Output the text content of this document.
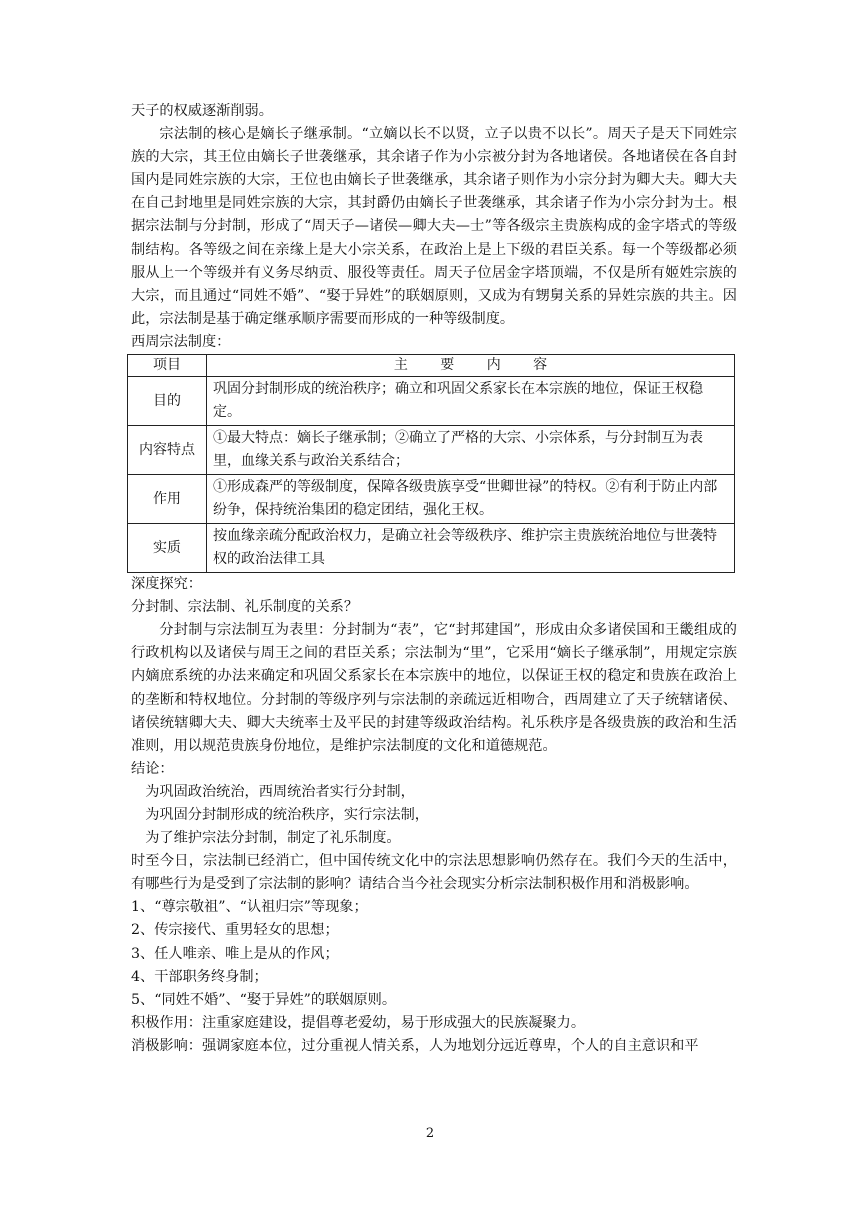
天子的权威逐渐削弱。

宗法制的核心是嫡长子继承制。“立嫡以长不以贤，立子以贵不以长”。周天子是天下同姓宗族的大宗，其王位由嫡长子世袭继承，其余诸子作为小宗被分封为各地诸侯。各地诸侯在各自封国内是同姓宗族的大宗，王位也由嫡长子世袭继承，其余诸子则作为小宗分封为卿大夫。卿大夫在自己封地里是同姓宗族的大宗，其封爵仍由嫡长子世袭继承，其余诸子作为小宗分封为士。根据宗法制与分封制，形成了“周天子—诸侯—卿大夫—士”等各级宗主贵族构成的金字塔式的等级制结构。各等级之间在亲缘上是大小宗关系，在政治上是上下级的君臣关系。每一个等级都必须服从上一个等级并有义务尽纳贡、服役等责任。周天子位居金字塔顶端，不仅是所有姬姓宗族的大宗，而且通过“同姓不婚”、“娶于异姓”的联姻原则，又成为有甥舅关系的异姓宗族的共主。因此，宗法制是基于确定继承顺序需要而形成的一种等级制度。

西周宗法制度：

项目	主 要 内 容
目的	巩固分封制形成的统治秩序；确立和巩固父系家长在本宗族的地位，保证王权稳定。
内容特点	①最大特点：嫡长子继承制；②确立了严格的大宗、小宗体系，与分封制互为表里，血缘关系与政治关系结合；
作用	①形成森严的等级制度，保障各级贵族享受“世卿世禄”的特权。②有利于防止内部纷争，保持统治集团的稳定团结，强化王权。
实质	按血缘亲疏分配政治权力，是确立社会等级秩序、维护宗主贵族统治地位与世袭特权的政治法律工具

深度探究：

分封制、宗法制、礼乐制度的关系？

分封制与宗法制互为表里：分封制为“表”，它“封邦建国”，形成由众多诸侯国和王畿组成的行政机构以及诸侯与周王之间的君臣关系；宗法制为“里”，它采用“嫡长子继承制”，用规定宗族内嫡庶系统的办法来确定和巩固父系家长在本宗族中的地位，以保证王权的稳定和贵族在政治上的垄断和特权地位。分封制的等级序列与宗法制的亲疏远近相吻合，西周建立了天子统辖诸侯、诸侯统辖卿大夫、卿大夫统率士及平民的封建等级政治结构。礼乐秩序是各级贵族的政治和生活准则，用以规范贵族身份地位，是维护宗法制度的文化和道德规范。

结论：

为巩固政治统治，西周统治者实行分封制，

为巩固分封制形成的统治秩序，实行宗法制，

为了维护宗法分封制，制定了礼乐制度。

时至今日，宗法制已经消亡，但中国传统文化中的宗法思想影响仍然存在。我们今天的生活中，有哪些行为是受到了宗法制的影响？请结合当今社会现实分析宗法制积极作用和消极影响。

1、“尊宗敬祖”、“认祖归宗”等现象；

2、传宗接代、重男轻女的思想；

3、任人唯亲、唯上是从的作风；

4、干部职务终身制；

5、“同姓不婚”、“娶于异姓”的联姻原则。

积极作用：注重家庭建设，提倡尊老爱幼，易于形成强大的民族凝聚力。

消极影响：强调家庭本位，过分重视人情关系，人为地划分远近尊卑，个人的自主意识和平

2
